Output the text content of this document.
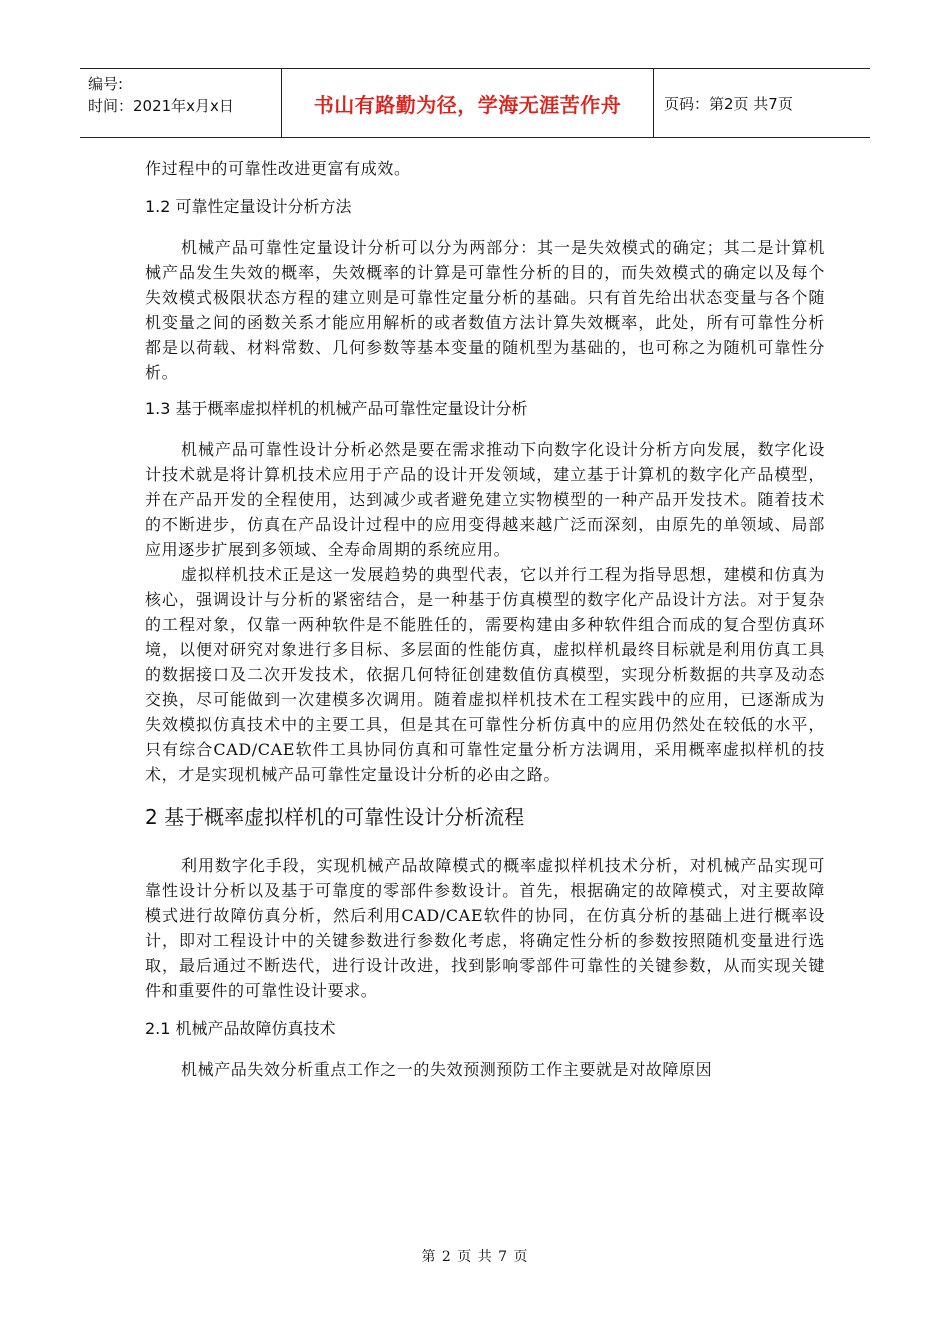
编号:
时间：2021年x月x日	书山有路勤为径，学海无涯苦作舟	页码：第2页 共7页

作过程中的可靠性改进更富有成效。

1.2 可靠性定量设计分析方法

机械产品可靠性定量设计分析可以分为两部分：其一是失效模式的确定；其二是计算机械产品发生失效的概率，失效概率的计算是可靠性分析的目的，而失效模式的确定以及每个失效模式极限状态方程的建立则是可靠性定量分析的基础。只有首先给出状态变量与各个随机变量之间的函数关系才能应用解析的或者数值方法计算失效概率，此处，所有可靠性分析都是以荷载、材料常数、几何参数等基本变量的随机型为基础的，也可称之为随机可靠性分析。

1.3 基于概率虚拟样机的机械产品可靠性定量设计分析

机械产品可靠性设计分析必然是要在需求推动下向数字化设计分析方向发展，数字化设计技术就是将计算机技术应用于产品的设计开发领域，建立基于计算机的数字化产品模型，并在产品开发的全程使用，达到减少或者避免建立实物模型的一种产品开发技术。随着技术的不断进步，仿真在产品设计过程中的应用变得越来越广泛而深刻，由原先的单领域、局部应用逐步扩展到多领域、全寿命周期的系统应用。

虚拟样机技术正是这一发展趋势的典型代表，它以并行工程为指导思想，建模和仿真为核心，强调设计与分析的紧密结合，是一种基于仿真模型的数字化产品设计方法。对于复杂的工程对象，仅靠一两种软件是不能胜任的，需要构建由多种软件组合而成的复合型仿真环境，以便对研究对象进行多目标、多层面的性能仿真，虚拟样机最终目标就是利用仿真工具的数据接口及二次开发技术，依据几何特征创建数值仿真模型，实现分析数据的共享及动态交换，尽可能做到一次建模多次调用。随着虚拟样机技术在工程实践中的应用，已逐渐成为失效模拟仿真技术中的主要工具，但是其在可靠性分析仿真中的应用仍然处在较低的水平，只有综合CAD/CAE软件工具协同仿真和可靠性定量分析方法调用，采用概率虚拟样机的技术，才是实现机械产品可靠性定量设计分析的必由之路。

2 基于概率虚拟样机的可靠性设计分析流程

利用数字化手段，实现机械产品故障模式的概率虚拟样机技术分析，对机械产品实现可靠性设计分析以及基于可靠度的零部件参数设计。首先，根据确定的故障模式，对主要故障模式进行故障仿真分析，然后利用CAD/CAE软件的协同，在仿真分析的基础上进行概率设计，即对工程设计中的关键参数进行参数化考虑，将确定性分析的参数按照随机变量进行选取，最后通过不断迭代，进行设计改进，找到影响零部件可靠性的关键参数，从而实现关键件和重要件的可靠性设计要求。

2.1 机械产品故障仿真技术

机械产品失效分析重点工作之一的失效预测预防工作主要就是对故障原因

第 2 页 共 7 页
